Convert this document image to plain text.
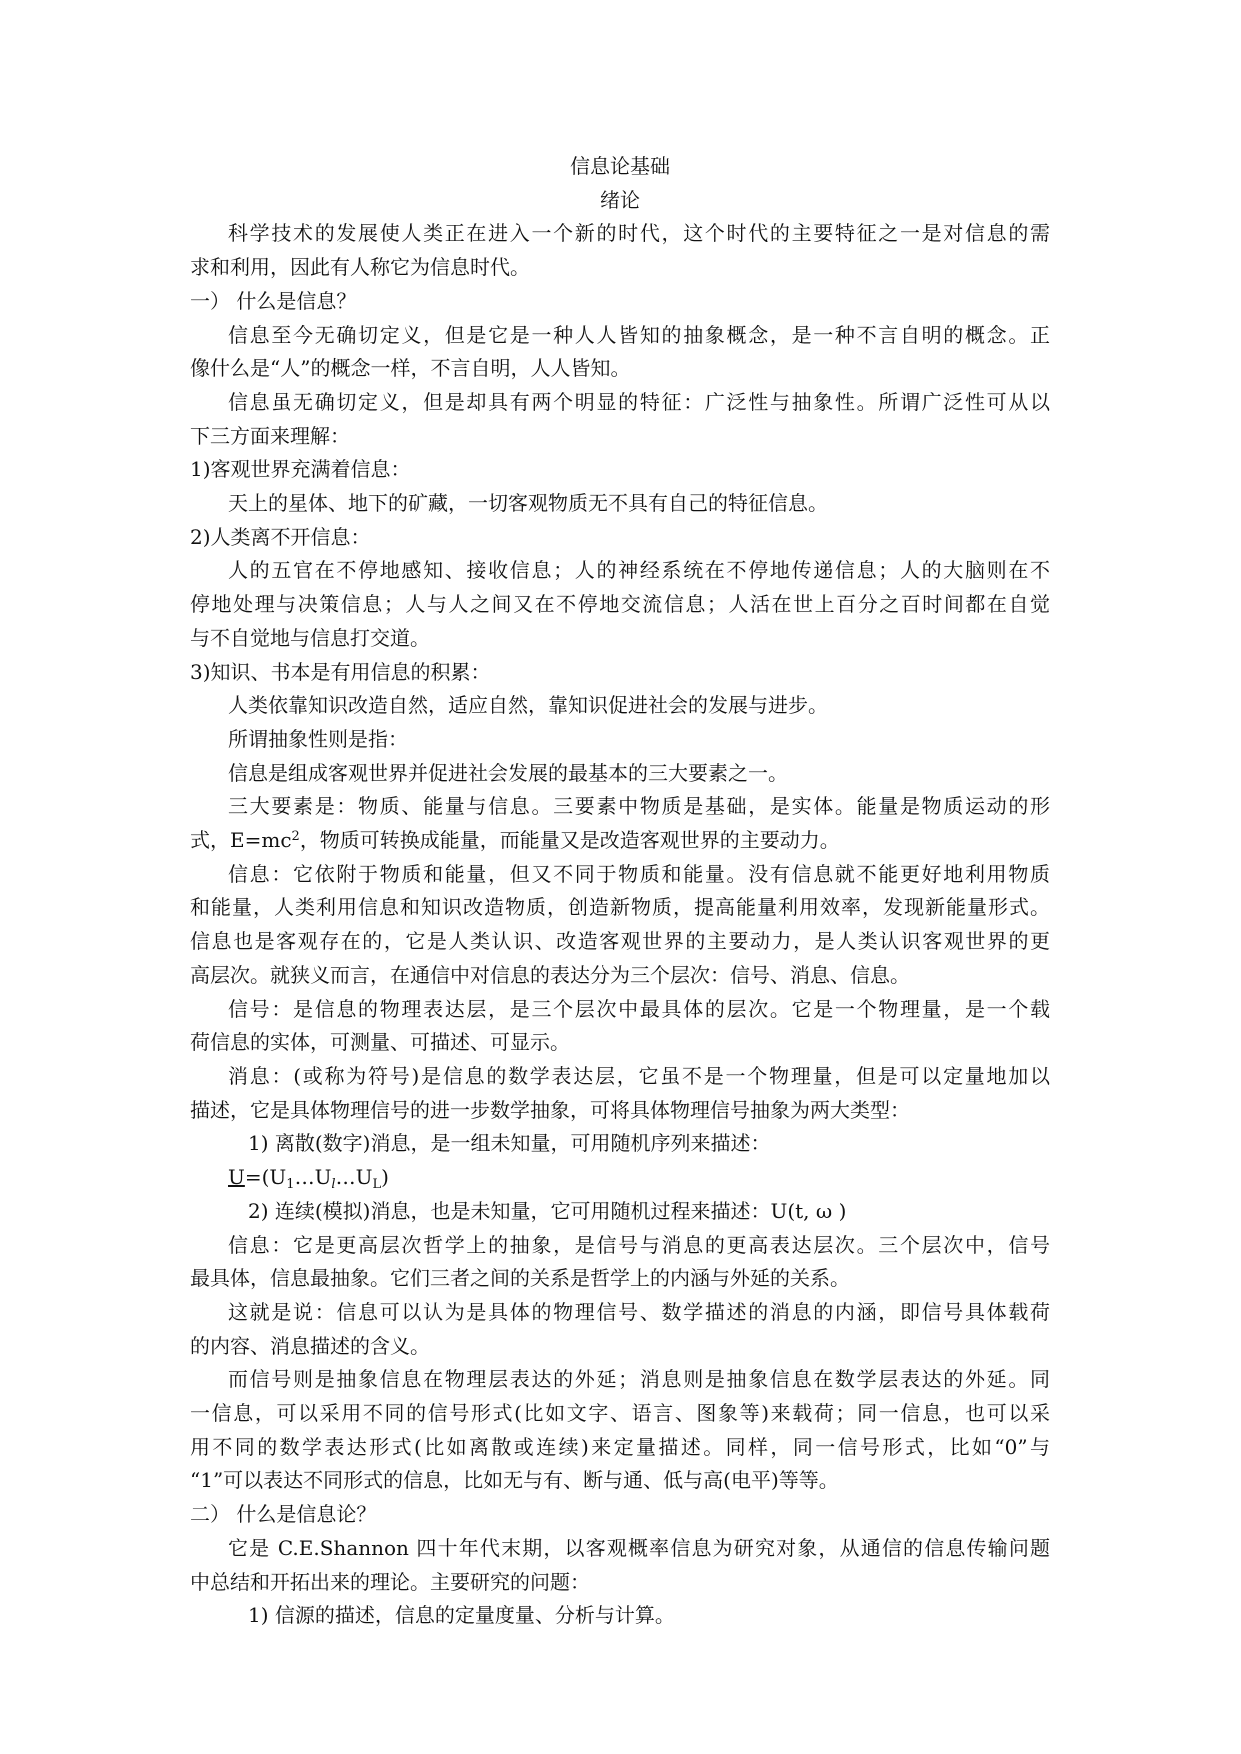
信息论基础

绪论

科学技术的发展使人类正在进入一个新的时代，这个时代的主要特征之一是对信息的需

求和利用，因此有人称它为信息时代。

一） 什么是信息？

信息至今无确切定义，但是它是一种人人皆知的抽象概念，是一种不言自明的概念。正

像什么是“人”的概念一样，不言自明，人人皆知。

信息虽无确切定义，但是却具有两个明显的特征：广泛性与抽象性。所谓广泛性可从以

下三方面来理解：

1)客观世界充满着信息：

天上的星体、地下的矿藏，一切客观物质无不具有自己的特征信息。

2)人类离不开信息：

人的五官在不停地感知、接收信息；人的神经系统在不停地传递信息；人的大脑则在不

停地处理与决策信息；人与人之间又在不停地交流信息；人活在世上百分之百时间都在自觉

与不自觉地与信息打交道。

3)知识、书本是有用信息的积累：

人类依靠知识改造自然，适应自然，靠知识促进社会的发展与进步。

所谓抽象性则是指：

信息是组成客观世界并促进社会发展的最基本的三大要素之一。

三大要素是：物质、能量与信息。三要素中物质是基础，是实体。能量是物质运动的形

式，$E=mc^2$，物质可转换成能量，而能量又是改造客观世界的主要动力。

信息：它依附于物质和能量，但又不同于物质和能量。没有信息就不能更好地利用物质

和能量，人类利用信息和知识改造物质，创造新物质，提高能量利用效率，发现新能量形式。

信息也是客观存在的，它是人类认识、改造客观世界的主要动力，是人类认识客观世界的更

高层次。就狭义而言，在通信中对信息的表达分为三个层次：信号、消息、信息。

信号：是信息的物理表达层，是三个层次中最具体的层次。它是一个物理量，是一个载

荷信息的实体，可测量、可描述、可显示。

消息：(或称为符号)是信息的数学表达层，它虽不是一个物理量，但是可以定量地加以

描述，它是具体物理信号的进一步数学抽象，可将具体物理信号抽象为两大类型：

1) 离散(数字)消息，是一组未知量，可用随机序列来描述：

$U=(U_1\dots U_l\dots U_L)$

2) 连续(模拟)消息，也是未知量，它可用随机过程来描述：U(t, ω )

信息：它是更高层次哲学上的抽象，是信号与消息的更高表达层次。三个层次中，信号

最具体，信息最抽象。它们三者之间的关系是哲学上的内涵与外延的关系。

这就是说：信息可以认为是具体的物理信号、数学描述的消息的内涵，即信号具体载荷

的内容、消息描述的含义。

而信号则是抽象信息在物理层表达的外延；消息则是抽象信息在数学层表达的外延。同

一信息，可以采用不同的信号形式(比如文字、语言、图象等)来载荷；同一信息，也可以采

用不同的数学表达形式(比如离散或连续)来定量描述。同样，同一信号形式，比如“0”与

“1”可以表达不同形式的信息，比如无与有、断与通、低与高(电平)等等。

二） 什么是信息论？

它是 C.E.Shannon 四十年代末期，以客观概率信息为研究对象，从通信的信息传输问题

中总结和开拓出来的理论。主要研究的问题：

1) 信源的描述，信息的定量度量、分析与计算。
